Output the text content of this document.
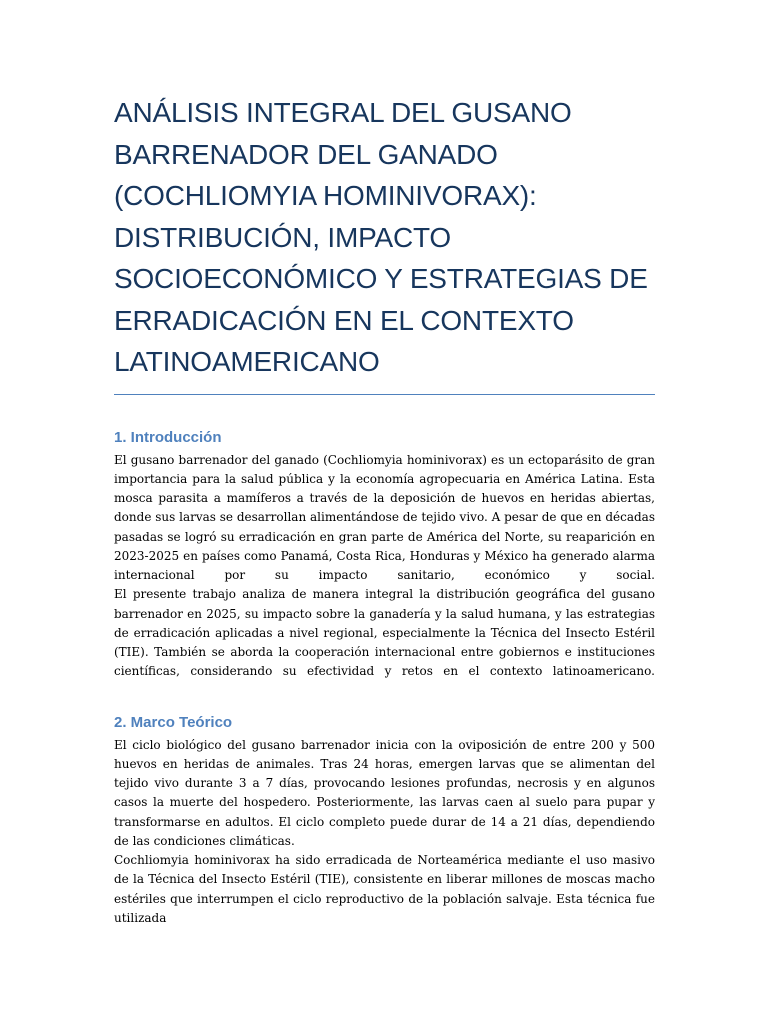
ANÁLISIS INTEGRAL DEL GUSANO BARRENADOR DEL GANADO (COCHLIOMYIA HOMINIVORAX): DISTRIBUCIÓN, IMPACTO SOCIOECONÓMICO Y ESTRATEGIAS DE ERRADICACIÓN EN EL CONTEXTO LATINOAMERICANO
1. Introducción

El gusano barrenador del ganado (Cochliomyia hominivorax) es un ectoparásito de gran importancia para la salud pública y la economía agropecuaria en América Latina. Esta mosca parasita a mamíferos a través de la deposición de huevos en heridas abiertas, donde sus larvas se desarrollan alimentándose de tejido vivo. A pesar de que en décadas pasadas se logró su erradicación en gran parte de América del Norte, su reaparición en 2023-2025 en países como Panamá, Costa Rica, Honduras y México ha generado alarma internacional por su impacto sanitario, económico y social.

El presente trabajo analiza de manera integral la distribución geográfica del gusano barrenador en 2025, su impacto sobre la ganadería y la salud humana, y las estrategias de erradicación aplicadas a nivel regional, especialmente la Técnica del Insecto Estéril (TIE). También se aborda la cooperación internacional entre gobiernos e instituciones científicas, considerando su efectividad y retos en el contexto latinoamericano.

2. Marco Teórico

El ciclo biológico del gusano barrenador inicia con la oviposición de entre 200 y 500 huevos en heridas de animales. Tras 24 horas, emergen larvas que se alimentan del tejido vivo durante 3 a 7 días, provocando lesiones profundas, necrosis y en algunos casos la muerte del hospedero. Posteriormente, las larvas caen al suelo para pupar y transformarse en adultos. El ciclo completo puede durar de 14 a 21 días, dependiendo de las condiciones climáticas.

Cochliomyia hominivorax ha sido erradicada de Norteamérica mediante el uso masivo de la Técnica del Insecto Estéril (TIE), consistente en liberar millones de moscas macho estériles que interrumpen el ciclo reproductivo de la población salvaje. Esta técnica fue utilizada
